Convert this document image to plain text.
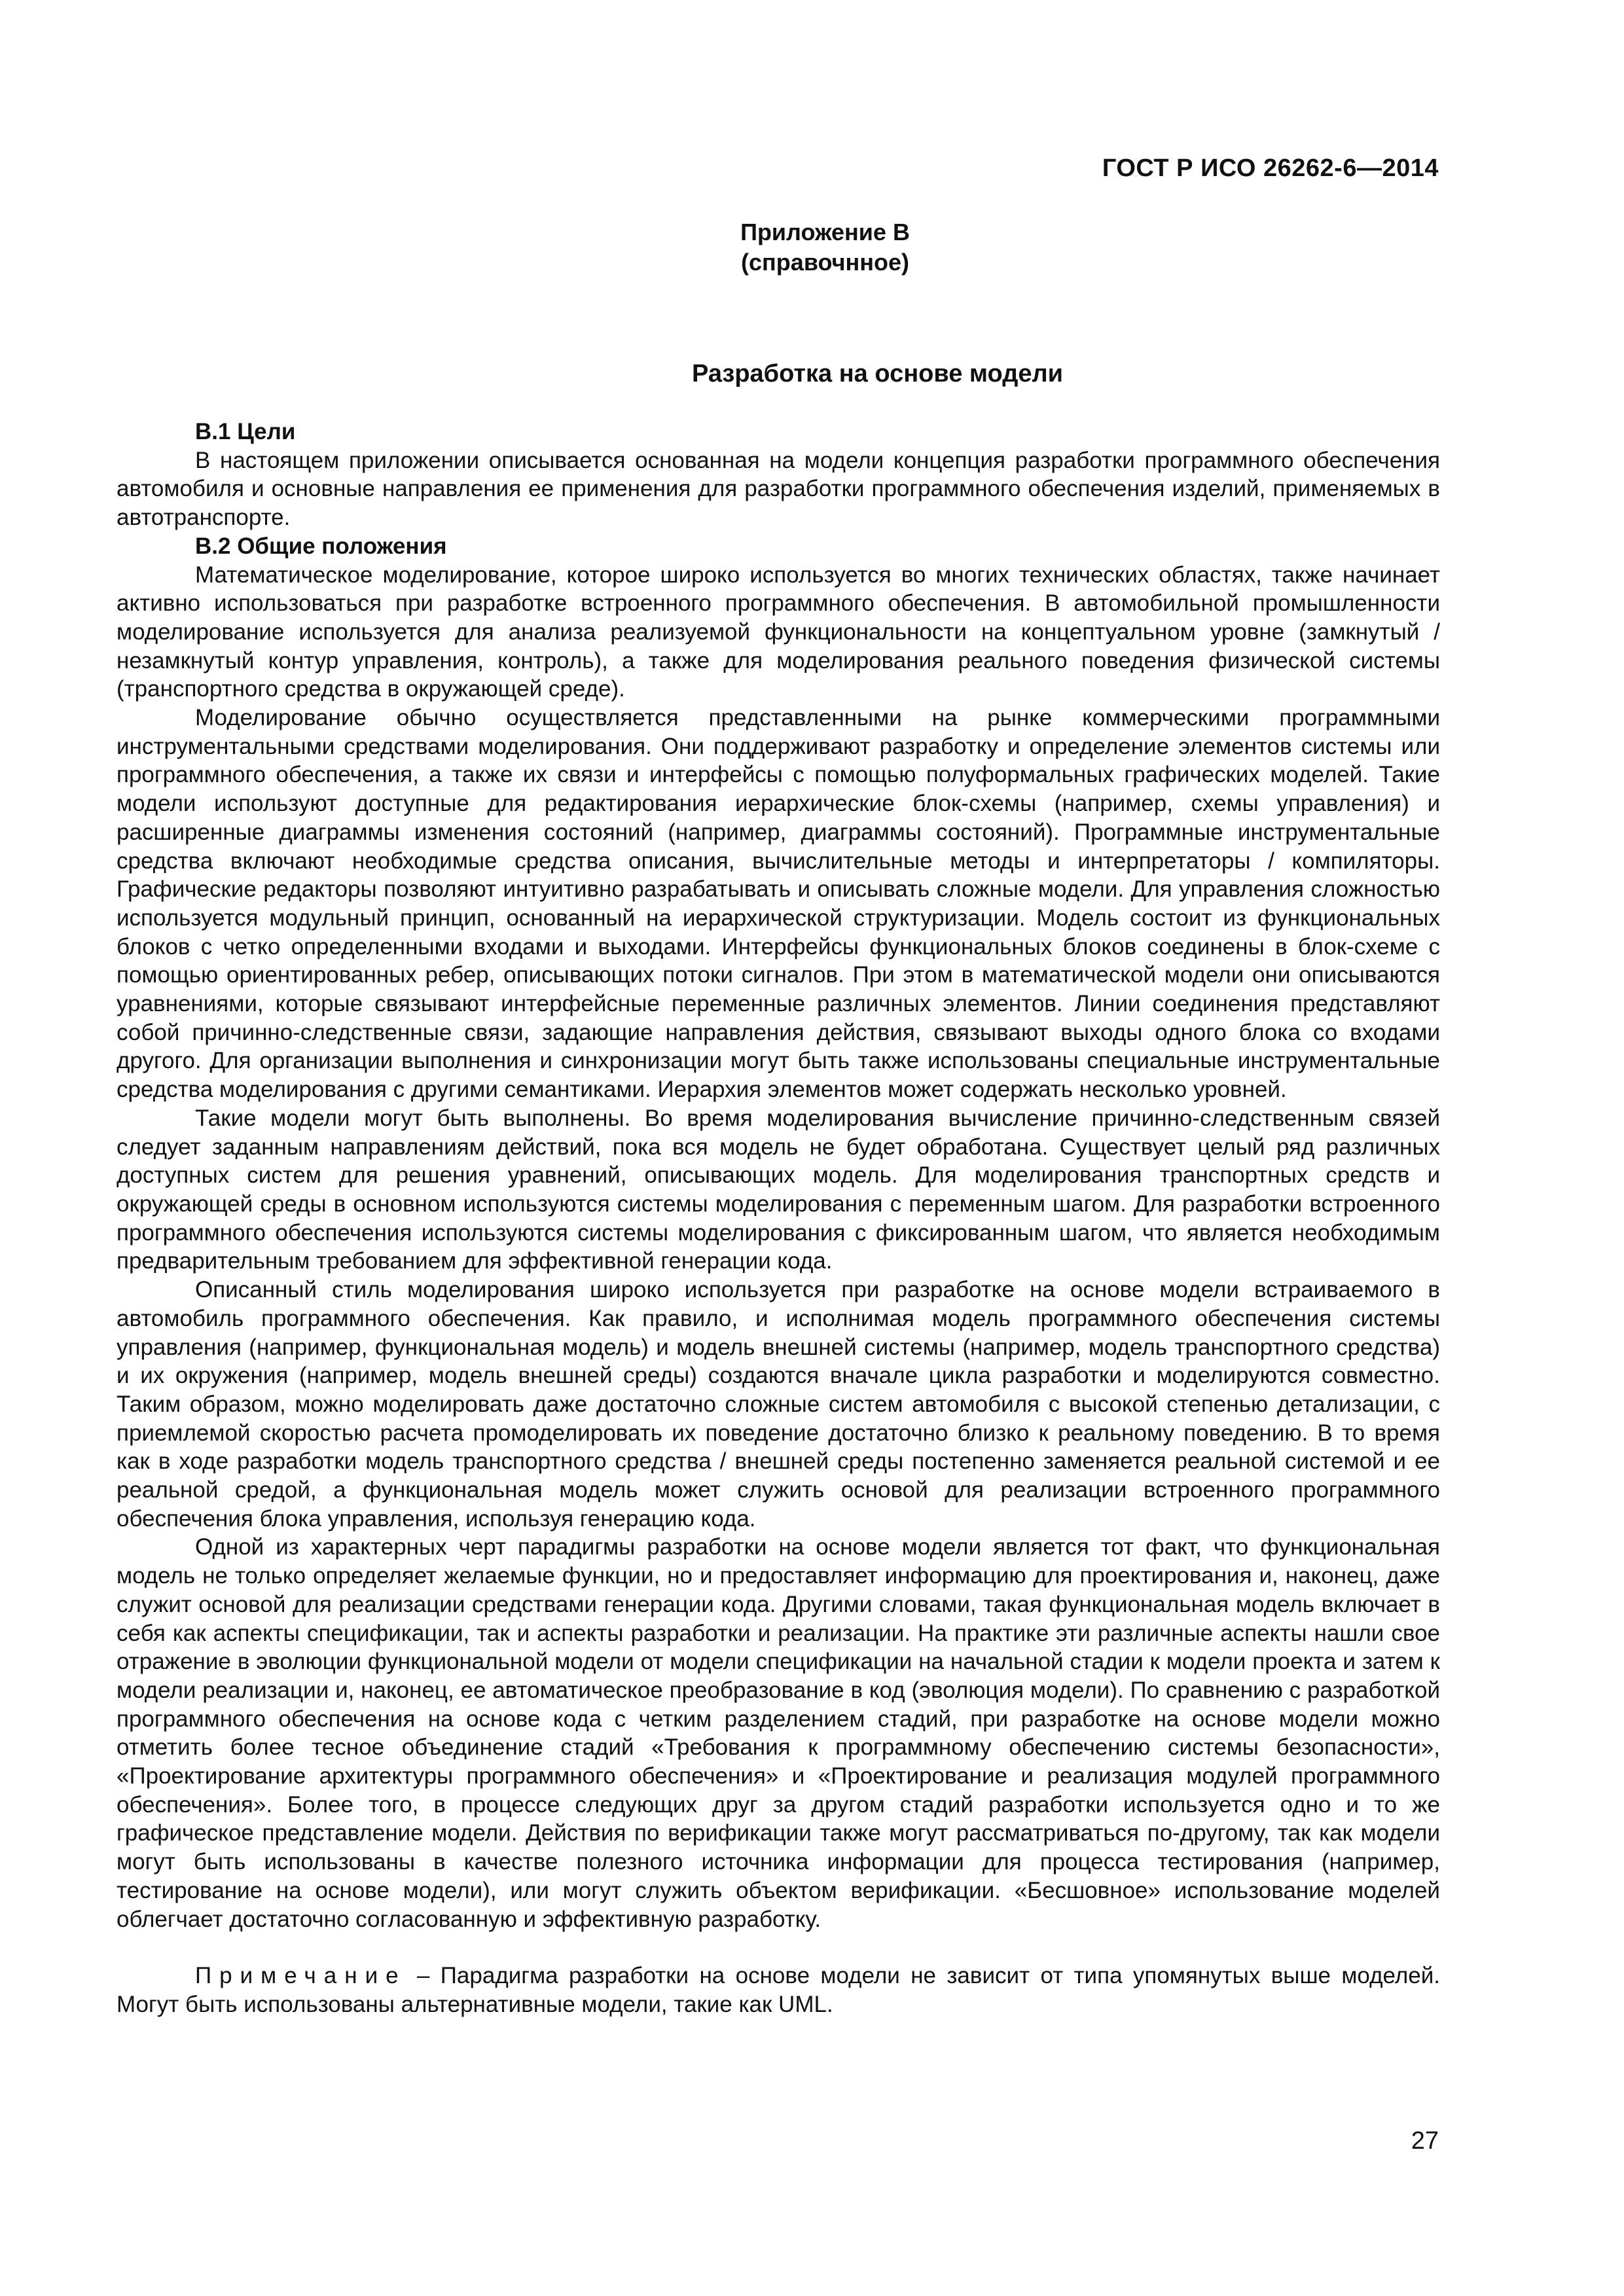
ГОСТ Р ИСО 26262-6—2014
Приложение В
(справочнное)
Разработка на основе модели
В.1 Цели

В настоящем приложении описывается основанная на модели концепция разработки программного обеспечения автомобиля и основные направления ее применения для разработки программного обеспечения изделий, применяемых в автотранспорте.

В.2 Общие положения

Математическое моделирование, которое широко используется во многих технических областях, также начинает активно использоваться при разработке встроенного программного обеспечения. В автомобильной промышленности моделирование используется для анализа реализуемой функциональности на концептуальном уровне (замкнутый / незамкнутый контур управления, контроль), а также для моделирования реального поведения физической системы (транспортного средства в окружающей среде).

Моделирование обычно осуществляется представленными на рынке коммерческими программными инструментальными средствами моделирования. Они поддерживают разработку и определение элементов системы или программного обеспечения, а также их связи и интерфейсы с помощью полуформальных графических моделей. Такие модели используют доступные для редактирования иерархические блок-схемы (например, схемы управления) и расширенные диаграммы изменения состояний (например, диаграммы состояний). Программные инструментальные средства включают необходимые средства описания, вычислительные методы и интерпретаторы / компиляторы. Графические редакторы позволяют интуитивно разрабатывать и описывать сложные модели. Для управления сложностью используется модульный принцип, основанный на иерархической структуризации. Модель состоит из функциональных блоков с четко определенными входами и выходами. Интерфейсы функциональных блоков соединены в блок-схеме с помощью ориентированных ребер, описывающих потоки сигналов. При этом в математической модели они описываются уравнениями, которые связывают интерфейсные переменные различных элементов. Линии соединения представляют собой причинно-следственные связи, задающие направления действия, связывают выходы одного блока со входами другого. Для организации выполнения и синхронизации могут быть также использованы специальные инструментальные средства моделирования с другими семантиками. Иерархия элементов может содержать несколько уровней.

Такие модели могут быть выполнены. Во время моделирования вычисление причинно-следственным связей следует заданным направлениям действий, пока вся модель не будет обработана. Существует целый ряд различных доступных систем для решения уравнений, описывающих модель. Для моделирования транспортных средств и окружающей среды в основном используются системы моделирования с переменным шагом. Для разработки встроенного программного обеспечения используются системы моделирования с фиксированным шагом, что является необходимым предварительным требованием для эффективной генерации кода.

Описанный стиль моделирования широко используется при разработке на основе модели встраиваемого в автомобиль программного обеспечения. Как правило, и исполнимая модель программного обеспечения системы управления (например, функциональная модель) и модель внешней системы (например, модель транспортного средства) и их окружения (например, модель внешней среды) создаются вначале цикла разработки и моделируются совместно. Таким образом, можно моделировать даже достаточно сложные систем автомобиля с высокой степенью детализации, с приемлемой скоростью расчета промоделировать их поведение достаточно близко к реальному поведению. В то время как в ходе разработки модель транспортного средства / внешней среды постепенно заменяется реальной системой и ее реальной средой, а функциональная модель может служить основой для реализации встроенного программного обеспечения блока управления, используя генерацию кода.

Одной из характерных черт парадигмы разработки на основе модели является тот факт, что функциональная модель не только определяет желаемые функции, но и предоставляет информацию для проектирования и, наконец, даже служит основой для реализации средствами генерации кода. Другими словами, такая функциональная модель включает в себя как аспекты спецификации, так и аспекты разработки и реализации. На практике эти различные аспекты нашли свое отражение в эволюции функциональной модели от модели спецификации на начальной стадии к модели проекта и затем к модели реализации и, наконец, ее автоматическое преобразование в код (эволюция модели). По сравнению с разработкой программного обеспечения на основе кода с четким разделением стадий, при разработке на основе модели можно отметить более тесное объединение стадий «Требования к программному обеспечению системы безопасности», «Проектирование архитектуры программного обеспечения» и «Проектирование и реализация модулей программного обеспечения». Более того, в процессе следующих друг за другом стадий разработки используется одно и то же графическое представление модели. Действия по верификации также могут рассматриваться по-другому, так как модели могут быть использованы в качестве полезного источника информации для процесса тестирования (например, тестирование на основе модели), или могут служить объектом верификации. «Бесшовное» использование моделей облегчает достаточно согласованную и эффективную разработку.

Примечание – Парадигма разработки на основе модели не зависит от типа упомянутых выше моделей. Могут быть использованы альтернативные модели, такие как UML.

27
